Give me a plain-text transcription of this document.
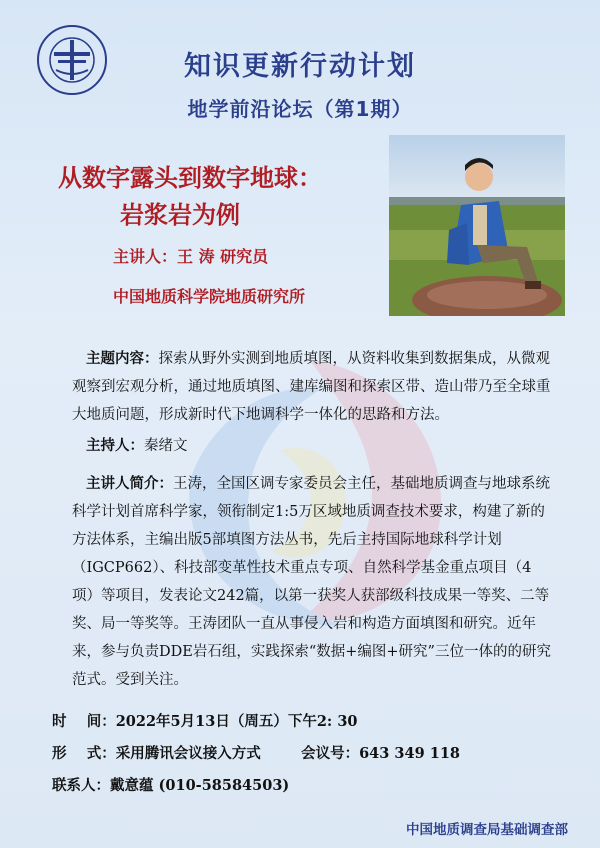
知识更新行动计划
地学前沿论坛（第1期）
从数字露头到数字地球：
岩浆岩为例
主讲人：王 涛 研究员
中国地质科学院地质研究所
主题内容：探索从野外实测到地质填图，从资料收集到数据集成，从微观观察到宏观分析，通过地质填图、建库编图和探索区带、造山带乃至全球重大地质问题，形成新时代下地调科学一体化的思路和方法。
主持人：秦绪文
主讲人简介：王涛，全国区调专家委员会主任，基础地质调查与地球系统科学计划首席科学家，领衔制定1:5万区域地质调查技术要求，构建了新的方法体系，主编出版5部填图方法丛书，先后主持国际地球科学计划（IGCP662）、科技部变革性技术重点专项、自然科学基金重点项目（4项）等项目，发表论文242篇，以第一获奖人获部级科技成果一等奖、二等奖、局一等奖等。王涛团队一直从事侵入岩和构造方面填图和研究。近年来，参与负责DDE岩石组，实践探索“数据+编图+研究”三位一体的的研究范式。受到关注。
时    间：2022年5月13日（周五）下午2: 30
形    式：采用腾讯会议接入方式	会议号：643 349 118
联系人：戴意蕴 (010-58584503)
中国地质调查局基础调查部
